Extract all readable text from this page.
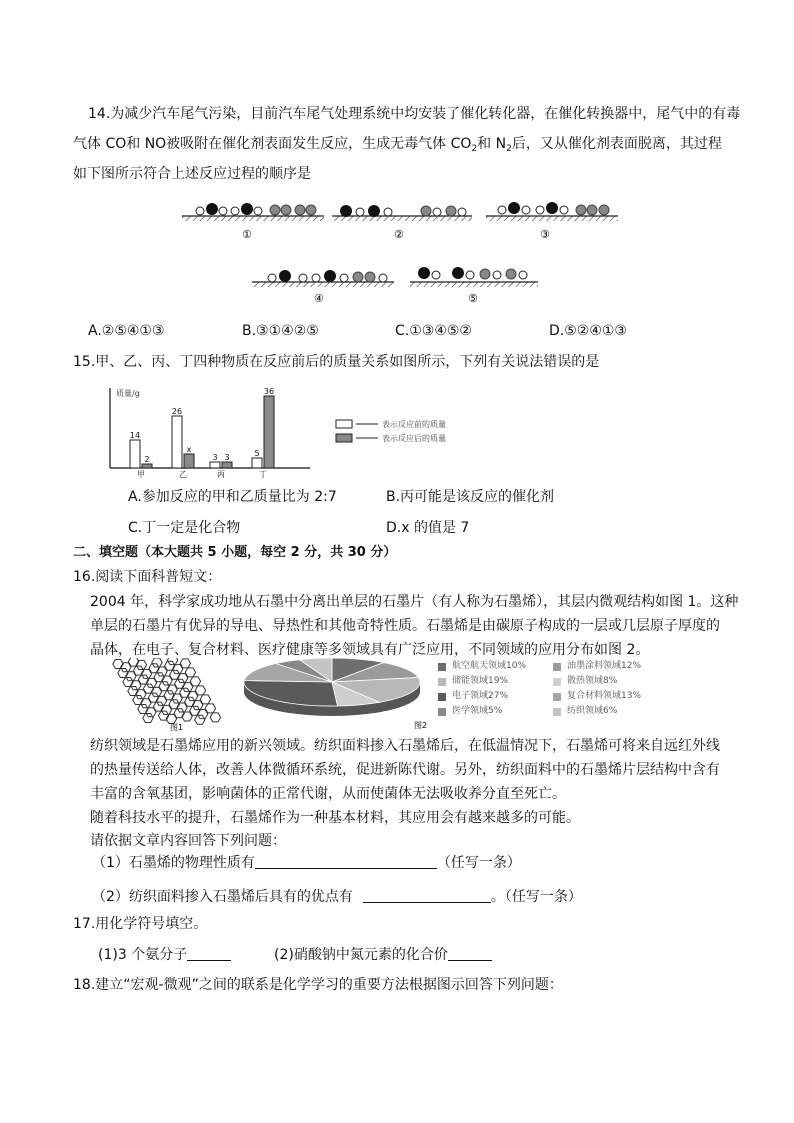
14.为减少汽车尾气污染，目前汽车尾气处理系统中均安装了催化转化器，在催化转换器中，尾气中的有毒
气体 CO和 NO被吸附在催化剂表面发生反应，生成无毒气体 $CO_2$和 $N_2$后，又从催化剂表面脱离，其过程
如下图所示符合上述反应过程的顺序是
①	②	③
④	⑤
A.②⑤④①③	B.③①④②⑤	C.①③④⑤②	D.⑤②④①③
15.甲、乙、丙、丁四种物质在反应前后的质量关系如图所示，下列有关说法错误的是
质量/g
14
2
甲
26
x
乙
3 3
丙
5
36
丁
表示反应前的质量
表示反应后的质量
A.参加反应的甲和乙质量比为 2:7	B.丙可能是该反应的催化剂
C.丁一定是化合物	D.x 的值是 7
二、填空题（本大题共 5 小题，每空 2 分，共 30 分）
16.阅读下面科普短文：
2004 年，科学家成功地从石墨中分离出单层的石墨片（有人称为石墨烯），其层内微观结构如图 1。这种
单层的石墨片有优异的导电、导热性和其他奇特性质。石墨烯是由碳原子构成的一层或几层原子厚度的
晶体，在电子、复合材料、医疗健康等多领域具有广泛应用，不同领域的应用分布如图 2。
图1	图2
航空航天领域10%	油墨涂料领域12%
储能领域19%	散热领域8%
电子领域27%	复合材料领域13%
医学领域5%	纺织领域6%
纺织领域是石墨烯应用的新兴领域。纺织面料掺入石墨烯后，在低温情况下，石墨烯可将来自远红外线
的热量传送给人体，改善人体微循环系统，促进新陈代谢。另外，纺织面料中的石墨烯片层结构中含有
丰富的含氧基团，影响菌体的正常代谢，从而使菌体无法吸收养分直至死亡。
随着科技水平的提升，石墨烯作为一种基本材料，其应用会有越来越多的可能。
请依据文章内容回答下列问题：
（1）石墨烯的物理性质有	（任写一条）
（2）纺织面料掺入石墨烯后具有的优点有	。（任写一条）
17.用化学符号填空。
(1)3 个氨分子	(2)硝酸钠中氮元素的化合价
18.建立“宏观-微观”之间的联系是化学学习的重要方法根据图示回答下列问题：
